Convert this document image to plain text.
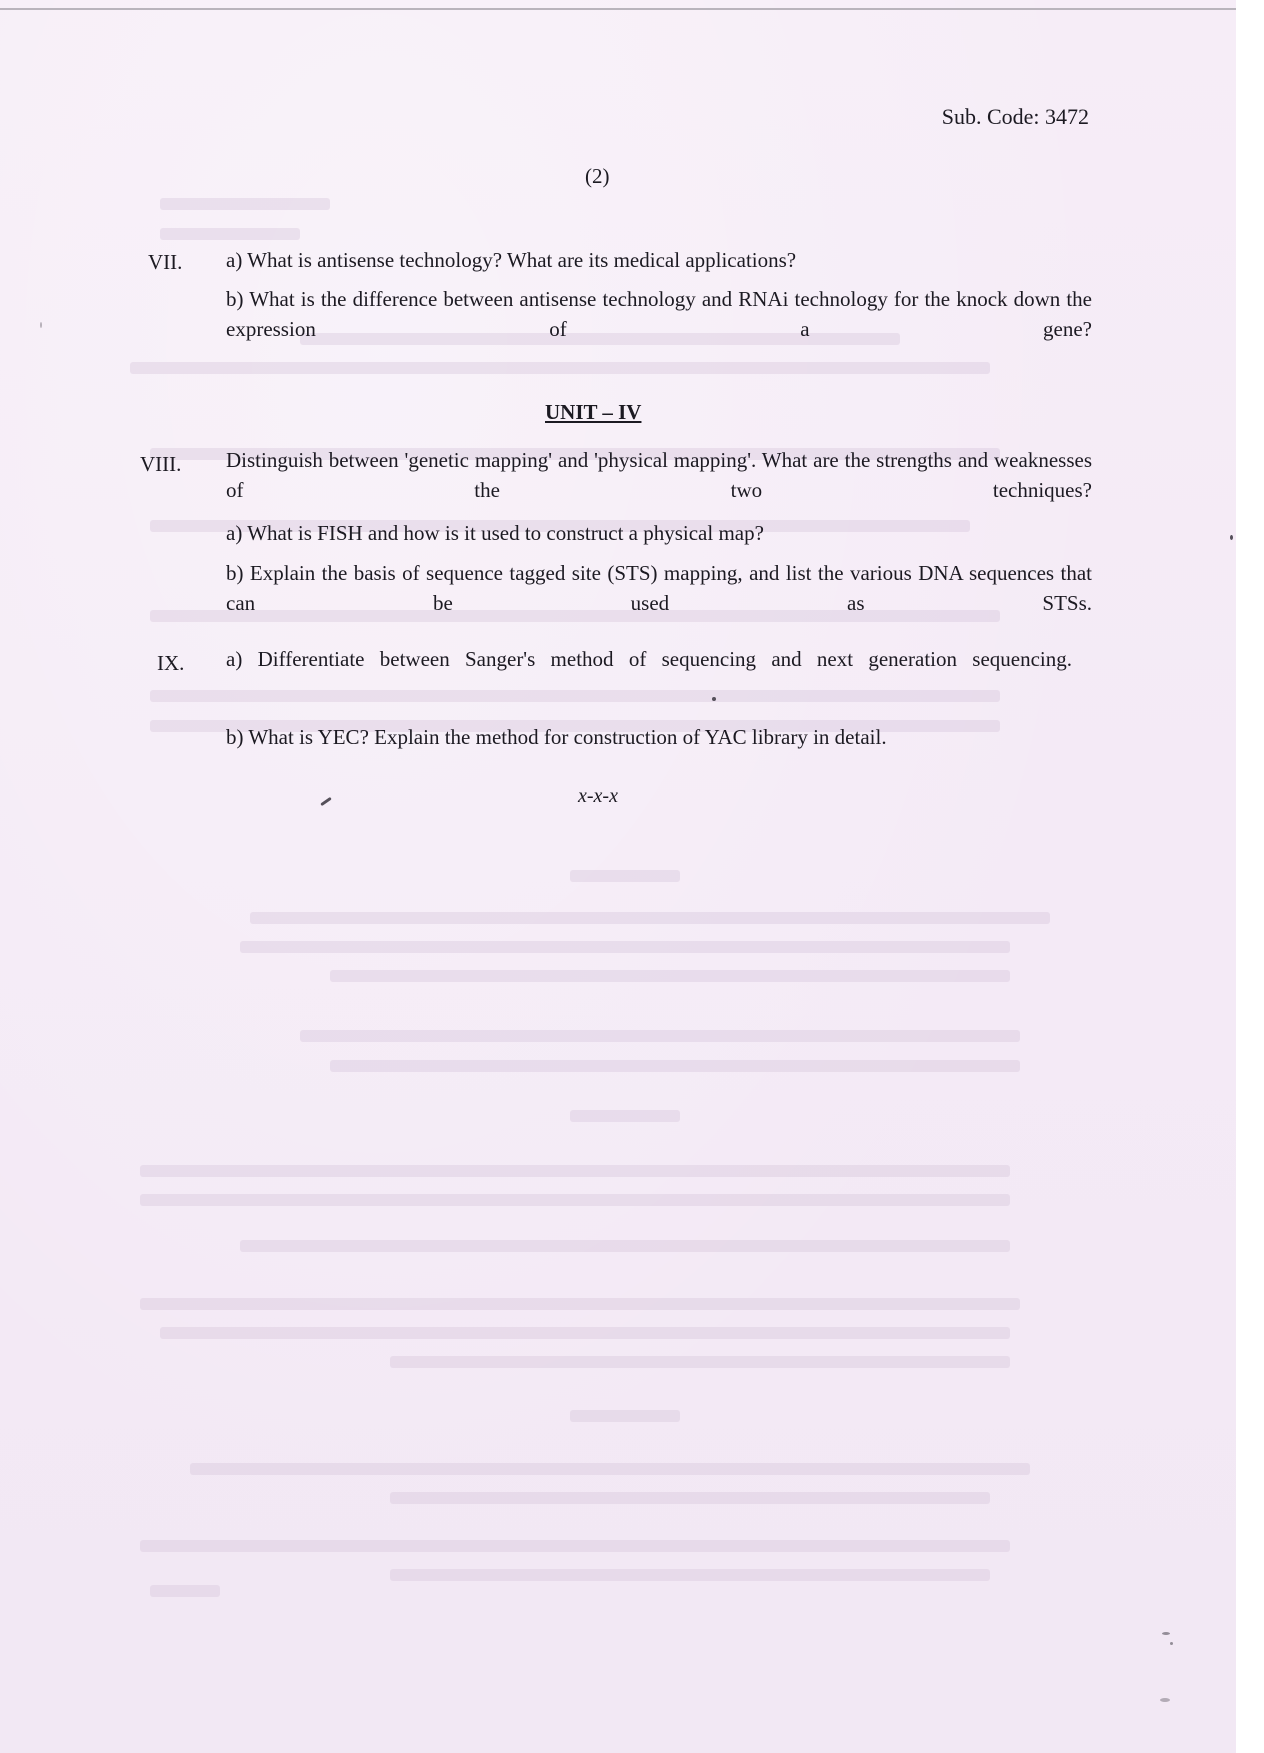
Sub. Code: 3472
(2)
VII. a) What is antisense technology? What are its medical applications?
b) What is the difference between antisense technology and RNAi technology for the knock down the expression of a gene?
UNIT – IV
VIII. Distinguish between 'genetic mapping' and 'physical mapping'. What are the strengths and weaknesses of the two techniques?
a) What is FISH and how is it used to construct a physical map?
b) Explain the basis of sequence tagged site (STS) mapping, and list the various DNA sequences that can be used as STSs.
IX. a) Differentiate between Sanger's method of sequencing and next generation sequencing.
b) What is YEC? Explain the method for construction of YAC library in detail.
x-x-x
